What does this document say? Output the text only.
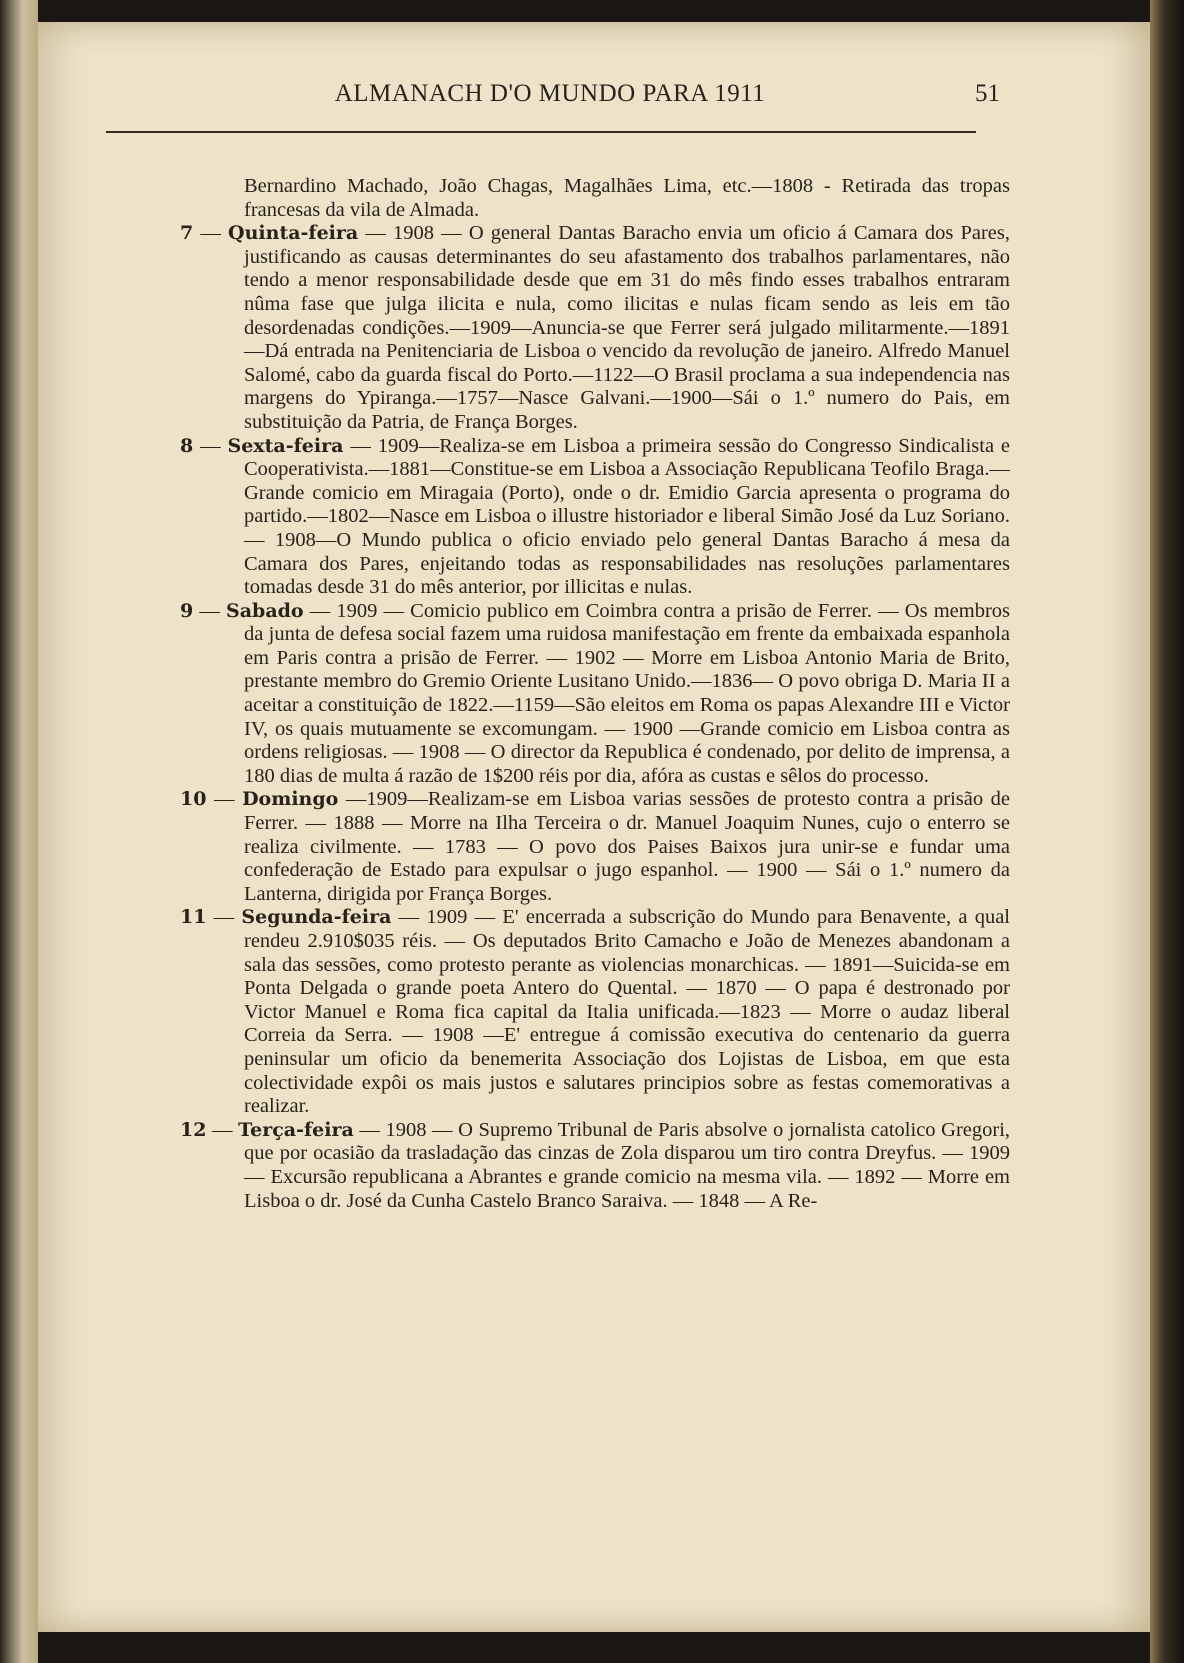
ALMANACH D'O MUNDO PARA 1911	51

Bernardino Machado, João Chagas, Magalhães Lima, etc.—1808 - Retirada das tropas francesas da vila de Almada.

7 — Quinta-feira — 1908 — O general Dantas Baracho envia um oficio á Camara dos Pares, justificando as causas determinantes do seu afastamento dos trabalhos parlamentares, não tendo a menor responsabilidade desde que em 31 do mês findo esses trabalhos entraram nûma fase que julga ilicita e nula, como ilicitas e nulas ficam sendo as leis em tão desordenadas condições.—1909—Anuncia-se que Ferrer será julgado militarmente.—1891—Dá entrada na Penitenciaria de Lisboa o vencido da revolução de janeiro. Alfredo Manuel Salomé, cabo da guarda fiscal do Porto.—1122—O Brasil proclama a sua independencia nas margens do Ypiranga.—1757—Nasce Galvani.—1900—Sái o 1.º numero do Pais, em substituição da Patria, de França Borges.

8 — Sexta-feira — 1909—Realiza-se em Lisboa a primeira sessão do Congresso Sindicalista e Cooperativista.—1881—Constitue-se em Lisboa a Associação Republicana Teofilo Braga.—Grande comicio em Miragaia (Porto), onde o dr. Emidio Garcia apresenta o programa do partido.—1802—Nasce em Lisboa o illustre historiador e liberal Simão José da Luz Soriano.— 1908—O Mundo publica o oficio enviado pelo general Dantas Baracho á mesa da Camara dos Pares, enjeitando todas as responsabilidades nas resoluções parlamentares tomadas desde 31 do mês anterior, por illicitas e nulas.

9 — Sabado — 1909 — Comicio publico em Coimbra contra a prisão de Ferrer. — Os membros da junta de defesa social fazem uma ruidosa manifestação em frente da embaixada espanhola em Paris contra a prisão de Ferrer. — 1902 — Morre em Lisboa Antonio Maria de Brito, prestante membro do Gremio Oriente Lusitano Unido.—1836— O povo obriga D. Maria II a aceitar a constituição de 1822.—1159—São eleitos em Roma os papas Alexandre III e Victor IV, os quais mutuamente se excomungam. — 1900 —Grande comicio em Lisboa contra as ordens religiosas. — 1908 — O director da Republica é condenado, por delito de imprensa, a 180 dias de multa á razão de 1$200 réis por dia, afóra as custas e sêlos do processo.

10 — Domingo —1909—Realizam-se em Lisboa varias sessões de protesto contra a prisão de Ferrer. — 1888 — Morre na Ilha Terceira o dr. Manuel Joaquim Nunes, cujo o enterro se realiza civilmente. — 1783 — O povo dos Paises Baixos jura unir-se e fundar uma confederação de Estado para expulsar o jugo espanhol. — 1900 — Sái o 1.º numero da Lanterna, dirigida por França Borges.

11 — Segunda-feira — 1909 — E' encerrada a subscrição do Mundo para Benavente, a qual rendeu 2.910$035 réis. — Os deputados Brito Camacho e João de Menezes abandonam a sala das sessões, como protesto perante as violencias monarchicas. — 1891—Suicida-se em Ponta Delgada o grande poeta Antero do Quental. — 1870 — O papa é destronado por Victor Manuel e Roma fica capital da Italia unificada.—1823 — Morre o audaz liberal Correia da Serra. — 1908 —E' entregue á comissão executiva do centenario da guerra peninsular um oficio da benemerita Associação dos Lojistas de Lisboa, em que esta colectividade expôi os mais justos e salutares principios sobre as festas comemorativas a realizar.

12 — Terça-feira — 1908 — O Supremo Tribunal de Paris absolve o jornalista catolico Gregori, que por ocasião da trasladação das cinzas de Zola disparou um tiro contra Dreyfus. — 1909 — Excursão republicana a Abrantes e grande comicio na mesma vila. — 1892 — Morre em Lisboa o dr. José da Cunha Castelo Branco Saraiva. — 1848 — A Re-
